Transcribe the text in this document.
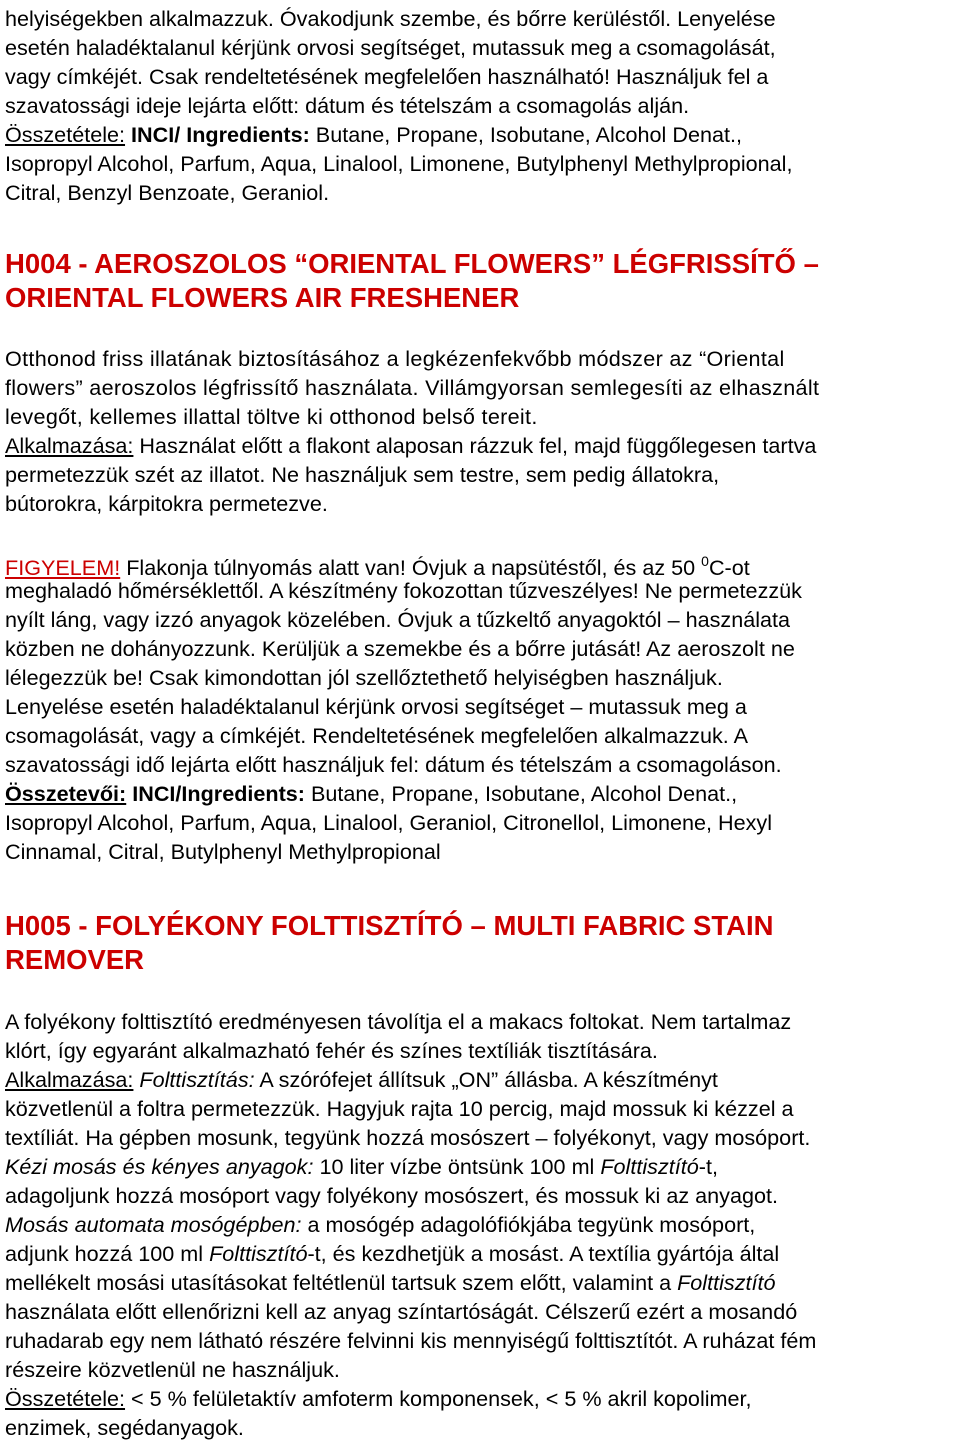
helyiségekben alkalmazzuk. Óvakodjunk szembe, és bőrre kerüléstől. Lenyelése
esetén haladéktalanul kérjünk orvosi segítséget, mutassuk meg a csomagolását,
vagy címkéjét. Csak rendeltetésének megfelelően használható! Használjuk fel a
szavatossági ideje lejárta előtt: dátum és tételszám a csomagolás alján.
Összetétele: INCI/ Ingredients: Butane, Propane, Isobutane, Alcohol Denat.,
Isopropyl Alcohol, Parfum, Aqua, Linalool, Limonene, Butylphenyl Methylpropional,
Citral, Benzyl Benzoate, Geraniol.
H004 - AEROSZOLOS “ORIENTAL FLOWERS” LÉGFRISSÍTŐ –
ORIENTAL FLOWERS AIR FRESHENER
Otthonod friss illatának biztosításához a legkézenfekvőbb módszer az “Oriental
flowers” aeroszolos légfrissítő használata. Villámgyorsan semlegesíti az elhasznált
levegőt, kellemes illattal töltve ki otthonod belső tereit.
Alkalmazása: Használat előtt a flakont alaposan rázzuk fel, majd függőlegesen tartva
permetezzük szét az illatot. Ne használjuk sem testre, sem pedig állatokra,
bútorokra, kárpitokra permetezve.
FIGYELEM! Flakonja túlnyomás alatt van! Óvjuk a napsütéstől, és az 50 $^0$C-ot
meghaladó hőmérséklettől. A készítmény fokozottan tűzveszélyes! Ne permetezzük
nyílt láng, vagy izzó anyagok közelében. Óvjuk a tűzkeltő anyagoktól – használata
közben ne dohányozzunk. Kerüljük a szemekbe és a bőrre jutását! Az aeroszolt ne
lélegezzük be! Csak kimondottan jól szellőztethető helyiségben használjuk.
Lenyelése esetén haladéktalanul kérjünk orvosi segítséget – mutassuk meg a
csomagolását, vagy a címkéjét. Rendeltetésének megfelelően alkalmazzuk. A
szavatossági idő lejárta előtt használjuk fel: dátum és tételszám a csomagoláson.
Összetevői: INCI/Ingredients: Butane, Propane, Isobutane, Alcohol Denat.,
Isopropyl Alcohol, Parfum, Aqua, Linalool, Geraniol, Citronellol, Limonene, Hexyl
Cinnamal, Citral, Butylphenyl Methylpropional
H005 - FOLYÉKONY FOLTTISZTÍTÓ – MULTI FABRIC STAIN
REMOVER
A folyékony folttisztító eredményesen távolítja el a makacs foltokat. Nem tartalmaz
klórt, így egyaránt alkalmazható fehér és színes textíliák tisztítására.
Alkalmazása: Folttisztítás: A szórófejet állítsuk „ON” állásba. A készítményt
közvetlenül a foltra permetezzük. Hagyjuk rajta 10 percig, majd mossuk ki kézzel a
textíliát. Ha gépben mosunk, tegyünk hozzá mosószert – folyékonyt, vagy mosóport.
Kézi mosás és kényes anyagok: 10 liter vízbe öntsünk 100 ml Folttisztító-t,
adagoljunk hozzá mosóport vagy folyékony mosószert, és mossuk ki az anyagot.
Mosás automata mosógépben: a mosógép adagolófiókjába tegyünk mosóport,
adjunk hozzá 100 ml Folttisztító-t, és kezdhetjük a mosást. A textília gyártója által
mellékelt mosási utasításokat feltétlenül tartsuk szem előtt, valamint a Folttisztító
használata előtt ellenőrizni kell az anyag színtartóságát. Célszerű ezért a mosandó
ruhadarab egy nem látható részére felvinni kis mennyiségű folttisztítót. A ruházat fém
részeire közvetlenül ne használjuk.
Összetétele: < 5 % felületaktív amfoterm komponensek, < 5 % akril kopolimer,
enzimek, segédanyagok.
